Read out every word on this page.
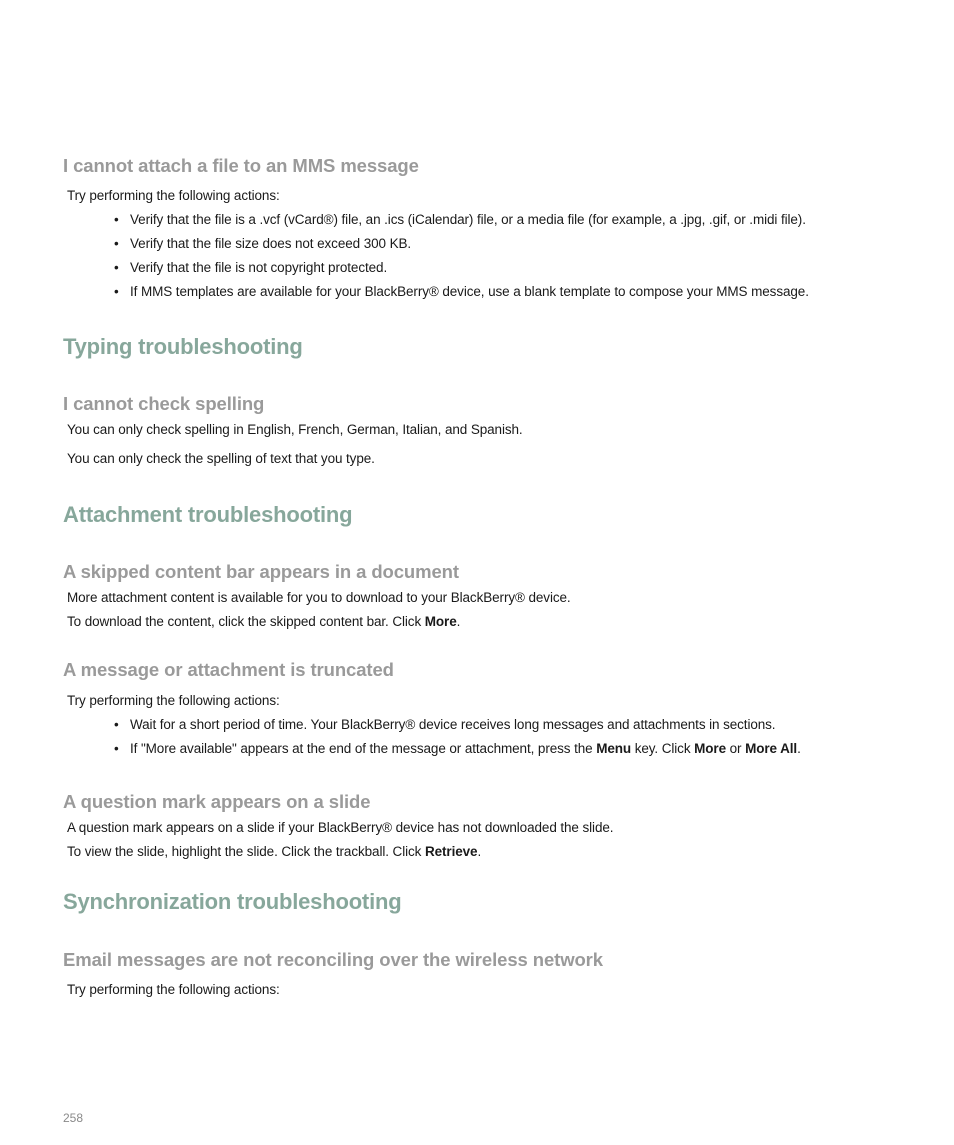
I cannot attach a file to an MMS message
Try performing the following actions:
• Verify that the file is a .vcf (vCard®) file, an .ics (iCalendar) file, or a media file (for example, a .jpg, .gif, or .midi file).
• Verify that the file size does not exceed 300 KB.
• Verify that the file is not copyright protected.
• If MMS templates are available for your BlackBerry® device, use a blank template to compose your MMS message.
Typing troubleshooting
I cannot check spelling
You can only check spelling in English, French, German, Italian, and Spanish.
You can only check the spelling of text that you type.
Attachment troubleshooting
A skipped content bar appears in a document
More attachment content is available for you to download to your BlackBerry® device.
To download the content, click the skipped content bar. Click More.
A message or attachment is truncated
Try performing the following actions:
• Wait for a short period of time. Your BlackBerry® device receives long messages and attachments in sections.
• If "More available" appears at the end of the message or attachment, press the Menu key. Click More or More All.
A question mark appears on a slide
A question mark appears on a slide if your BlackBerry® device has not downloaded the slide.
To view the slide, highlight the slide. Click the trackball. Click Retrieve.
Synchronization troubleshooting
Email messages are not reconciling over the wireless network
Try performing the following actions:
258
